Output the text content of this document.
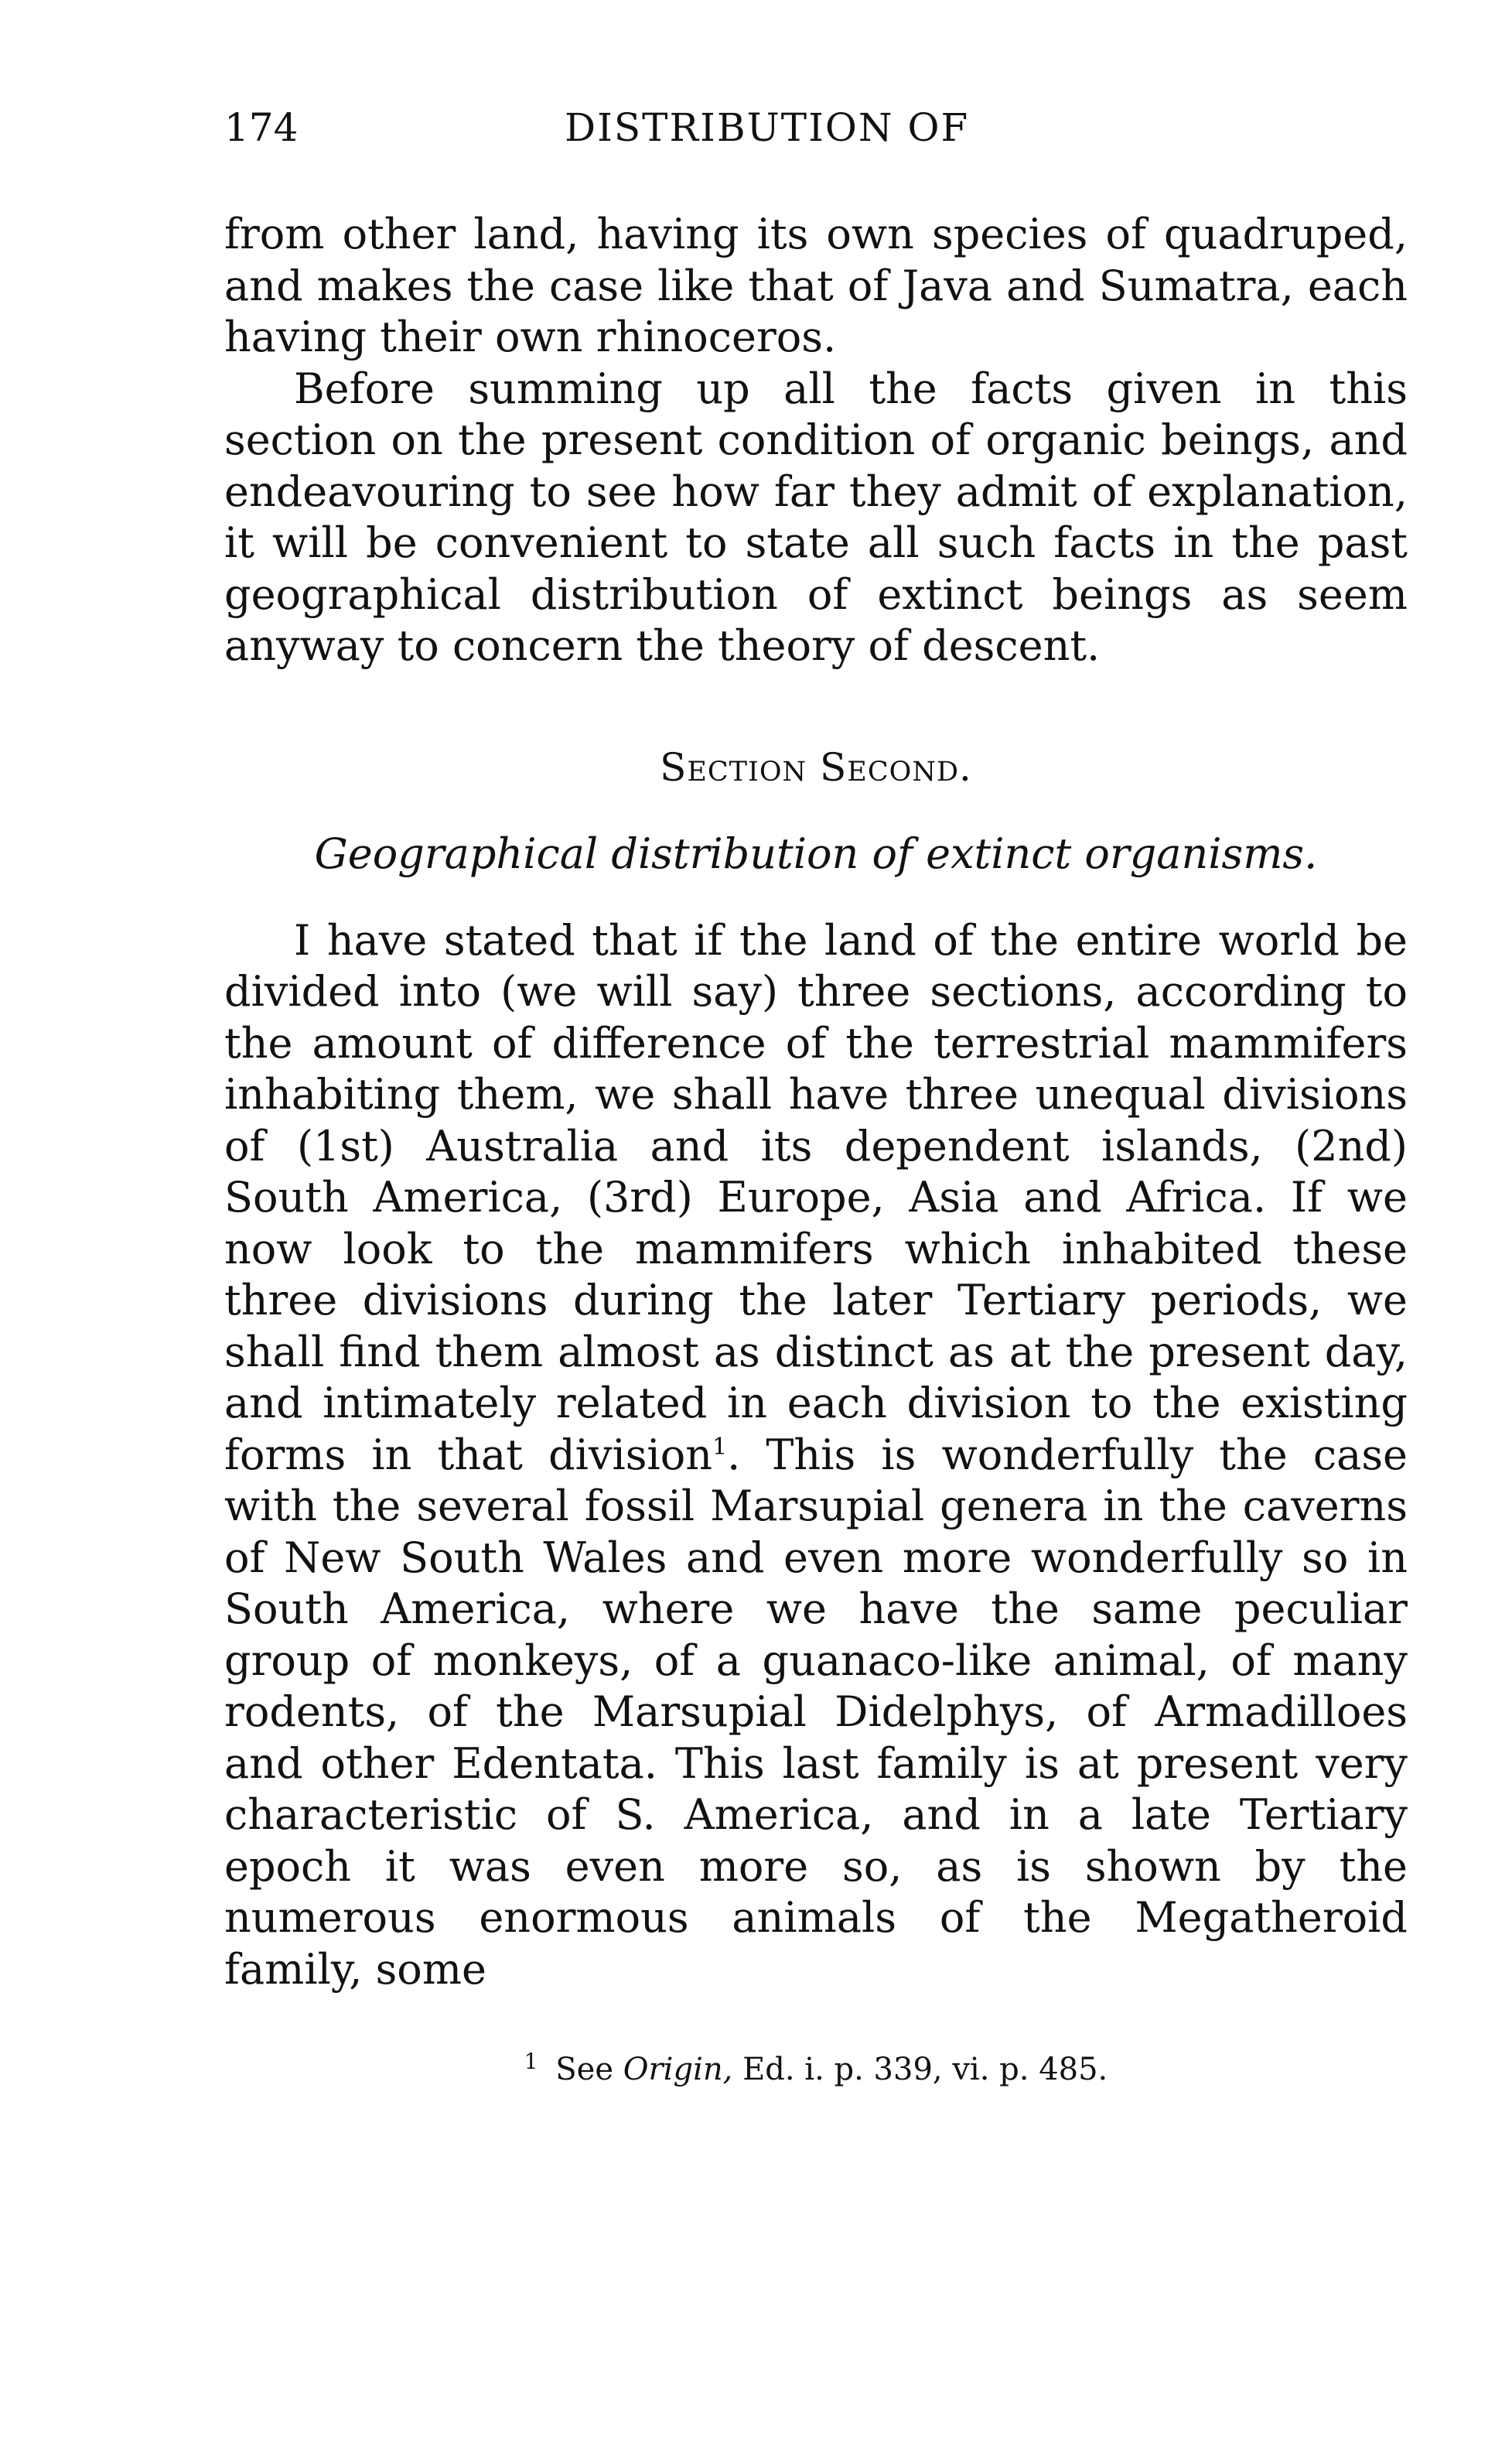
174	DISTRIBUTION OF

from other land, having its own species of quadruped, and makes the case like that of Java and Sumatra, each having their own rhinoceros.

Before summing up all the facts given in this section on the present condition of organic beings, and endeavouring to see how far they admit of explanation, it will be convenient to state all such facts in the past geographical distribution of extinct beings as seem anyway to concern the theory of descent.

Section Second.
Geographical distribution of extinct organisms.

I have stated that if the land of the entire world be divided into (we will say) three sections, according to the amount of difference of the terrestrial mammifers inhabiting them, we shall have three unequal divisions of (1st) Australia and its dependent islands, (2nd) South America, (3rd) Europe, Asia and Africa. If we now look to the mammifers which inhabited these three divisions during the later Tertiary periods, we shall find them almost as distinct as at the present day, and intimately related in each division to the existing forms in that division$^1$. This is wonderfully the case with the several fossil Marsupial genera in the caverns of New South Wales and even more wonderfully so in South America, where we have the same peculiar group of monkeys, of a guanaco-like animal, of many rodents, of the Marsupial Didelphys, of Armadilloes and other Edentata. This last family is at present very characteristic of S. America, and in a late Tertiary epoch it was even more so, as is shown by the numerous enormous animals of the Megatheroid family, some

$^1$ See Origin, Ed. i. p. 339, vi. p. 485.
